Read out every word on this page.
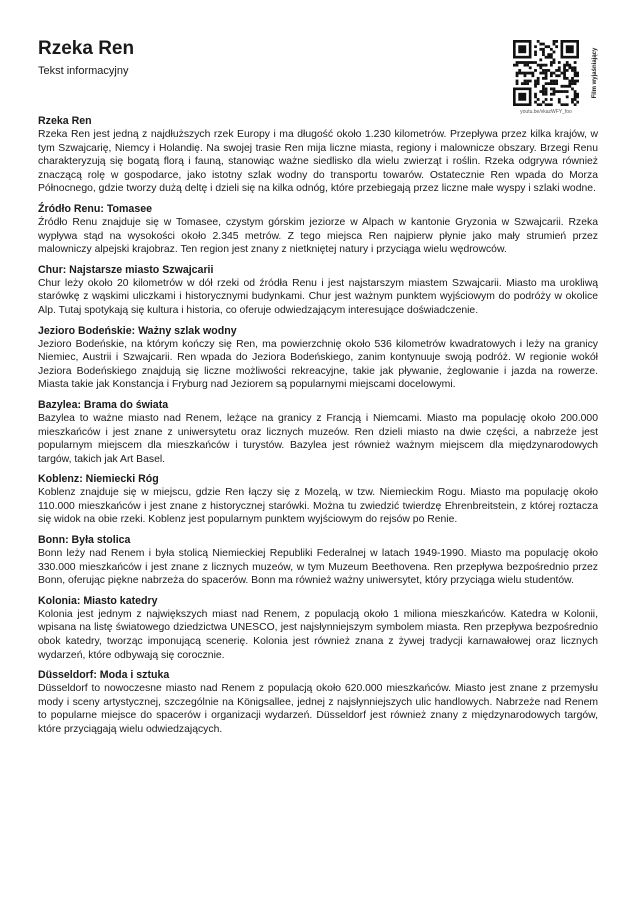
Rzeka Ren
Tekst informacyjny	Film wyjaśniający
youtu.be/vkazWFY_foo
Rzeka Ren

Rzeka Ren jest jedną z najdłuższych rzek Europy i ma długość około 1.230 kilometrów. Przepływa przez kilka krajów, w tym Szwajcarię, Niemcy i Holandię. Na swojej trasie Ren mija liczne miasta, regiony i malownicze obszary. Brzegi Renu charakteryzują się bogatą florą i fauną, stanowiąc ważne siedlisko dla wielu zwierząt i roślin. Rzeka odgrywa również znaczącą rolę w gospodarce, jako istotny szlak wodny do transportu towarów. Ostatecznie Ren wpada do Morza Północnego, gdzie tworzy dużą deltę i dzieli się na kilka odnóg, które przebiegają przez liczne małe wyspy i szlaki wodne.

Źródło Renu: Tomasee

Źródło Renu znajduje się w Tomasee, czystym górskim jeziorze w Alpach w kantonie Gryzonia w Szwajcarii. Rzeka wypływa stąd na wysokości około 2.345 metrów. Z tego miejsca Ren najpierw płynie jako mały strumień przez malowniczy alpejski krajobraz. Ten region jest znany z nietkniętej natury i przyciąga wielu wędrowców.

Chur: Najstarsze miasto Szwajcarii

Chur leży około 20 kilometrów w dół rzeki od źródła Renu i jest najstarszym miastem Szwajcarii. Miasto ma urokliwą starówkę z wąskimi uliczkami i historycznymi budynkami. Chur jest ważnym punktem wyjściowym do podróży w okolice Alp. Tutaj spotykają się kultura i historia, co oferuje odwiedzającym interesujące doświadczenie.

Jezioro Bodeńskie: Ważny szlak wodny

Jezioro Bodeńskie, na którym kończy się Ren, ma powierzchnię około 536 kilometrów kwadratowych i leży na granicy Niemiec, Austrii i Szwajcarii. Ren wpada do Jeziora Bodeńskiego, zanim kontynuuje swoją podróż. W regionie wokół Jeziora Bodeńskiego znajdują się liczne możliwości rekreacyjne, takie jak pływanie, żeglowanie i jazda na rowerze. Miasta takie jak Konstancja i Fryburg nad Jeziorem są popularnymi miejscami docelowymi.

Bazylea: Brama do świata

Bazylea to ważne miasto nad Renem, leżące na granicy z Francją i Niemcami. Miasto ma populację około 200.000 mieszkańców i jest znane z uniwersytetu oraz licznych muzeów. Ren dzieli miasto na dwie części, a nabrzeże jest popularnym miejscem dla mieszkańców i turystów. Bazylea jest również ważnym miejscem dla międzynarodowych targów, takich jak Art Basel.

Koblenz: Niemiecki Róg

Koblenz znajduje się w miejscu, gdzie Ren łączy się z Mozelą, w tzw. Niemieckim Rogu. Miasto ma populację około 110.000 mieszkańców i jest znane z historycznej starówki. Można tu zwiedzić twierdzę Ehrenbreitstein, z której roztacza się widok na obie rzeki. Koblenz jest popularnym punktem wyjściowym do rejsów po Renie.

Bonn: Była stolica

Bonn leży nad Renem i była stolicą Niemieckiej Republiki Federalnej w latach 1949-1990. Miasto ma populację około 330.000 mieszkańców i jest znane z licznych muzeów, w tym Muzeum Beethovena. Ren przepływa bezpośrednio przez Bonn, oferując piękne nabrzeża do spacerów. Bonn ma również ważny uniwersytet, który przyciąga wielu studentów.

Kolonia: Miasto katedry

Kolonia jest jednym z największych miast nad Renem, z populacją około 1 miliona mieszkańców. Katedra w Kolonii, wpisana na listę światowego dziedzictwa UNESCO, jest najsłynniejszym symbolem miasta. Ren przepływa bezpośrednio obok katedry, tworząc imponującą scenerię. Kolonia jest również znana z żywej tradycji karnawałowej oraz licznych wydarzeń, które odbywają się corocznie.

Düsseldorf: Moda i sztuka

Düsseldorf to nowoczesne miasto nad Renem z populacją około 620.000 mieszkańców. Miasto jest znane z przemysłu mody i sceny artystycznej, szczególnie na Königsallee, jednej z najsłynniejszych ulic handlowych. Nabrzeże nad Renem to popularne miejsce do spacerów i organizacji wydarzeń. Düsseldorf jest również znany z międzynarodowych targów, które przyciągają wielu odwiedzających.
